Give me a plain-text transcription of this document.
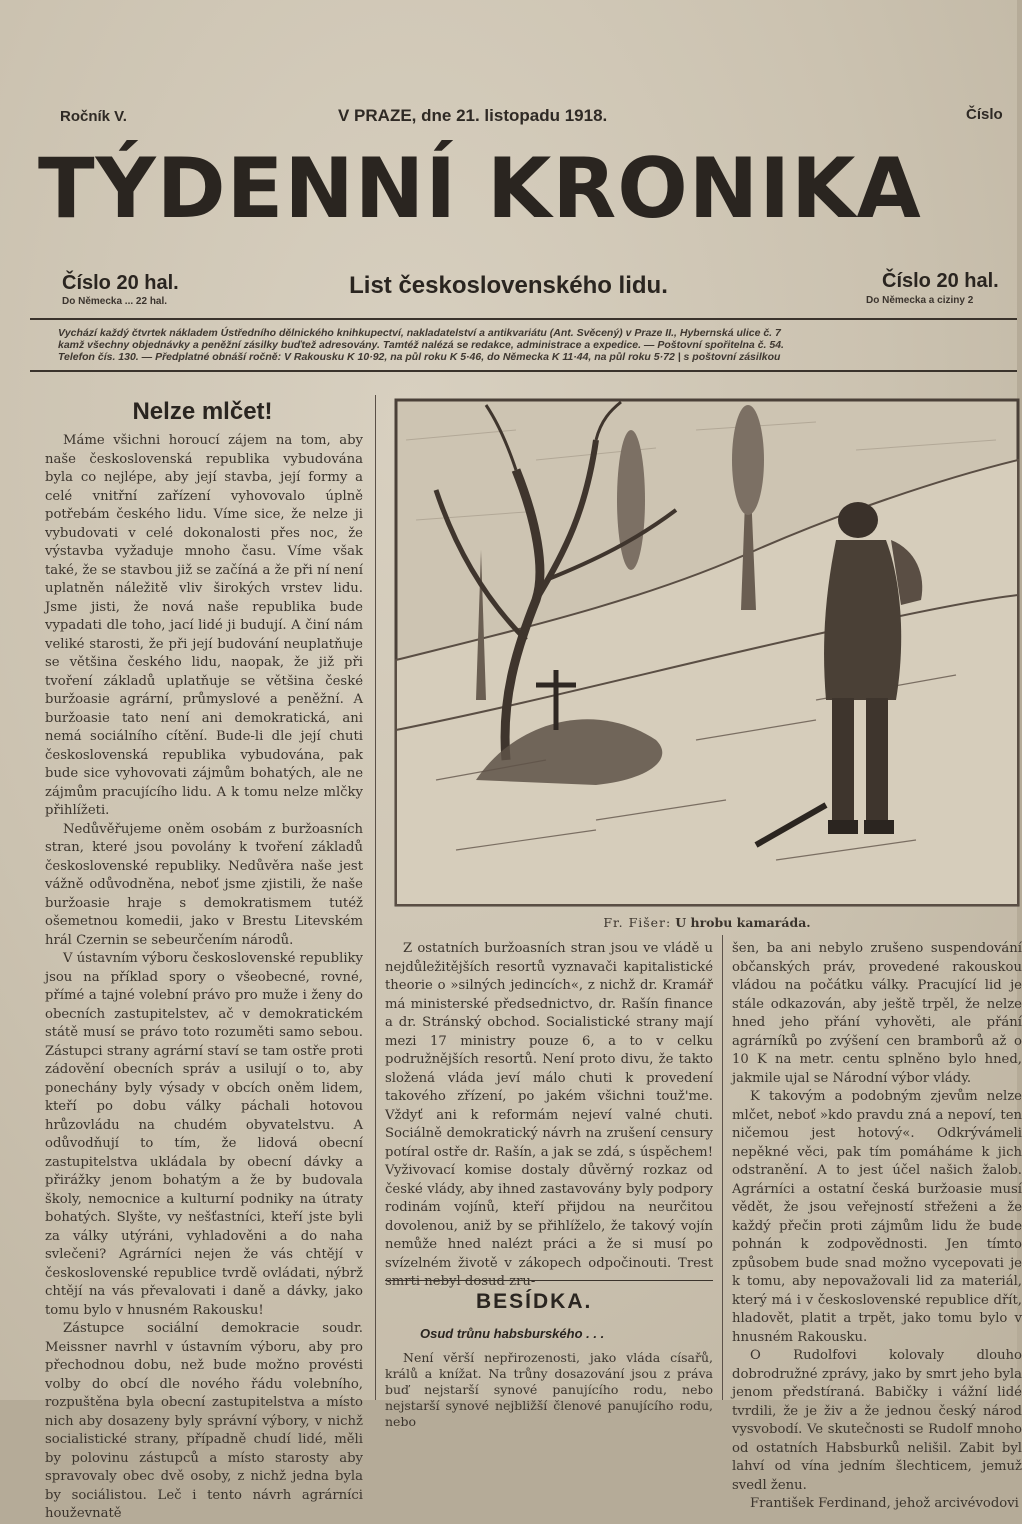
Ročník V.	V PRAZE, dne 21. listopadu 1918.	Číslo
TÝDENNÍ KRONIKA
Číslo 20 hal.
Do Německa ... 22 hal.
List československého lidu.	Číslo 20 hal.
Do Německa a ciziny 2
Vychází každý čtvrtek nákladem Ústředního dělnického knihkupectví, nakladatelství a antikvariátu (Ant. Svěcený) v Praze II., Hybernská ulice č. 7
kamž všechny objednávky a peněžní zásilky buďtež adresovány. Tamtéž nalézá se redakce, administrace a expedice. — Poštovní spořitelna č. 54.
Telefon čís. 130. — Předplatné obnáší ročně: V Rakousku K 10·92, na půl roku K 5·46, do Německa K 11·44, na půl roku 5·72 | s poštovní zásilkou
Nelze mlčet!

Máme všichni horoucí zájem na tom, aby naše československá republika vybudována byla co nejlépe, aby její stavba, její formy a celé vnitřní zařízení vyhovovalo úplně potřebám českého lidu. Víme sice, že nelze ji vybudovati v celé dokonalosti přes noc, že výstavba vyžaduje mnoho času. Víme však také, že se stavbou již se začíná a že při ní není uplatněn náležitě vliv širokých vrstev lidu. Jsme jisti, že nová naše republika bude vypadati dle toho, jací lidé ji budují. A činí nám veliké starosti, že při její budování neuplatňuje se většina českého lidu, naopak, že již při tvoření základů uplatňuje se většina české buržoasie agrární, průmyslové a peněžní. A buržoasie tato není ani demokratická, ani nemá sociálního cítění. Bude-li dle její chuti československá republika vybudována, pak bude sice vyhovovati zájmům bohatých, ale ne zájmům pracujícího lidu. A k tomu nelze mlčky přihlížeti.

Nedůvěřujeme oněm osobám z buržoasních stran, které jsou povolány k tvoření základů československé republiky. Nedůvěra naše jest vážně odůvodněna, neboť jsme zjistili, že naše buržoasie hraje s demokratismem tutéž ošemetnou komedii, jako v Brestu Litevském hrál Czernin se sebeurčením národů.

V ústavním výboru československé republiky jsou na příklad spory o všeobecné, rovné, přímé a tajné volební právo pro muže i ženy do obecních zastupitelstev, ač v demokratickém státě musí se právo toto rozuměti samo sebou. Zástupci strany agrární staví se tam ostře proti zádovění obecních správ a usilují o to, aby ponechány byly výsady v obcích oněm lidem, kteří po dobu války páchali hotovou hrůzovládu na chudém obyvatelstvu. A odůvodňují to tím, že lidová obecní zastupitelstva ukládala by obecní dávky a přirážky jenom bohatým a že by budovala školy, nemocnice a kulturní podniky na útraty bohatých. Slyšte, vy nešťastníci, kteří jste byli za války utýráni, vyhladověni a do naha svlečeni? Agrárníci nejen že vás chtějí v československé republice tvrdě ovládati, nýbrž chtějí na vás převalovati i daně a dávky, jako tomu bylo v hnusném Rakousku!

Zástupce sociální demokracie soudr. Meissner navrhl v ústavním výboru, aby pro přechodnou dobu, než bude možno provésti volby do obcí dle nového řádu volebního, rozpuštěna byla obecní zastupitelstva a místo nich aby dosazeny byly správní výbory, v nichž socialistické strany, případně chudí lidé, měli by polovinu zástupců a místo starosty aby spravovaly obec dvě osoby, z nichž jedna byla by sociálistou. Leč i tento návrh agrárníci houževnatě

Fr. Fišer: U hrobu kamaráda.

Z ostatních buržoasních stran jsou ve vládě u nejdůležitějších resortů vyznavači kapitalistické theorie o »silných jedincích«, z nichž dr. Kramář má ministerské předsednictvo, dr. Rašín finance a dr. Stránský obchod. Socialistické strany mají mezi 17 ministry pouze 6, a to v celku podružnějších resortů. Není proto divu, že takto složená vláda jeví málo chuti k provedení takového zřízení, po jakém všichni touž'me. Vždyť ani k reformám nejeví valné chuti. Sociálně demokratický návrh na zrušení censury potíral ostře dr. Rašín, a jak se zdá, s úspěchem! Vyživovací komise dostaly důvěrný rozkaz od české vlády, aby ihned zastavovány byly podpory rodinám vojínů, kteří přijdou na neurčitou dovolenou, aniž by se přihlíželo, že takový vojín nemůže hned nalézt práci a že si musí po svízelném životě v zákopech odpočinouti. Trest smrti nebyl dosud zru-

BESÍDKA.
Osud trůnu habsburského . . .

Není věrší nepřirozenosti, jako vláda císařů, králů a knížat. Na trůny dosazování jsou z práva buď nejstarší synové panujícího rodu, nebo nejstarší synové nejbližší členové panujícího rodu, nebo

šen, ba ani nebylo zrušeno suspendování občanských práv, provedené rakouskou vládou na počátku války. Pracující lid je stále odkazován, aby ještě trpěl, že nelze hned jeho přání vyhověti, ale přání agrárníků po zvýšení cen bramborů až o 10 K na metr. centu splněno bylo hned, jakmile ujal se Národní výbor vlády.

K takovým a podobným zjevům nelze mlčet, neboť »kdo pravdu zná a nepoví, ten ničemou jest hotový«. Odkrývámeli nepěkné věci, pak tím pomáháme k jich odstranění. A to jest účel našich žalob. Agrárníci a ostatní česká buržoasie musí vědět, že jsou veřejností střeženi a že každý přečin proti zájmům lidu že bude pohnán k zodpovědnosti. Jen tímto způsobem bude snad možno vycepovati je k tomu, aby nepovažovali lid za materiál, který má i v československé republice dřít, hladovět, platit a trpět, jako tomu bylo v hnusném Rakousku.

O Rudolfovi kolovaly dlouho dobrodružné zprávy, jako by smrt jeho byla jenom předstíraná. Babičky i vážní lidé tvrdili, že je živ a že jednou český národ vysvobodí. Ve skutečnosti se Rudolf mnoho od ostatních Habsburků nelišil. Zabit byl lahví od vína jedním šlechticem, jemuž svedl ženu.

František Ferdinand, jehož arcivévodovi
